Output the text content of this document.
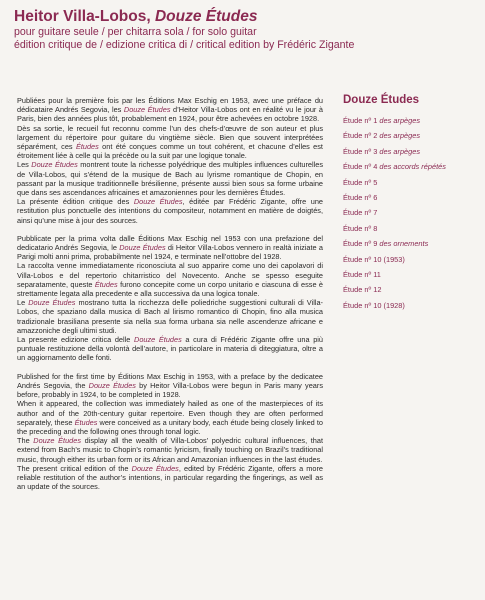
Heitor Villa-Lobos, Douze Études

pour guitare seule / per chitarra sola / for solo guitar

édition critique de / edizione critica di / critical edition by Frédéric Zigante

Publiées pour la première fois par les Éditions Max Eschig en 1953, avec une préface du dédicataire Andrés Segovia, les Douze Études d’Heitor Villa-Lobos ont en réalité vu le jour à Paris, bien des années plus tôt, probablement en 1924, pour être achevées en octobre 1928.

Dès sa sortie, le recueil fut reconnu comme l’un des chefs-d’œuvre de son auteur et plus largement du répertoire pour guitare du vingtième siècle. Bien que souvent interprétées séparément, ces Études ont été conçues comme un tout cohérent, et chacune d’elles est étroitement liée à celle qui la précède ou la suit par une logique tonale.

Les Douze Études montrent toute la richesse polyédrique des multiples influences culturelles de Villa-Lobos, qui s’étend de la musique de Bach au lyrisme romantique de Chopin, en passant par la musique traditionnelle brésilienne, présente aussi bien sous sa forme urbaine que dans ses ascendances africaines et amazoniennes pour les dernières Études.

La présente édition critique des Douze Études, éditée par Frédéric Zigante, offre une restitution plus ponctuelle des intentions du compositeur, notamment en matière de doigtés, ainsi qu’une mise à jour des sources.

Pubblicate per la prima volta dalle Éditions Max Eschig nel 1953 con una prefazione del dedicatario Andrés Segovia, le Douze Études di Heitor Villa-Lobos vennero in realtà iniziate a Parigi molti anni prima, probabilmente nel 1924, e terminate nell’ottobre del 1928.

La raccolta venne immediatamente riconosciuta al suo apparire come uno dei capolavori di Villa-Lobos e del repertorio chitarristico del Novecento. Anche se spesso eseguite separatamente, queste Études furono concepite come un corpo unitario e ciascuna di esse è strettamente legata alla precedente e alla successiva da una logica tonale.

Le Douze Études mostrano tutta la ricchezza delle poliedriche suggestioni culturali di Villa-Lobos, che spaziano dalla musica di Bach al lirismo romantico di Chopin, fino alla musica tradizionale brasiliana presente sia nella sua forma urbana sia nelle ascendenze africane e amazzoniche degli ultimi studi.

La presente edizione critica delle Douze Études a cura di Frédéric Zigante offre una più puntuale restituzione della volontà dell’autore, in particolare in materia di diteggiatura, oltre a un aggiornamento delle fonti.

Published for the first time by Éditions Max Eschig in 1953, with a preface by the dedicatee Andrés Segovia, the Douze Études by Heitor Villa-Lobos were begun in Paris many years before, probably in 1924, to be completed in 1928.

When it appeared, the collection was immediately hailed as one of the masterpieces of its author and of the 20th-century guitar repertoire. Even though they are often performed separately, these Études were conceived as a unitary body, each étude being closely linked to the preceding and the following ones through tonal logic.

The Douze Études display all the wealth of Villa-Lobos’ polyedric cultural influences, that extend from Bach’s music to Chopin’s romantic lyricism, finally touching on Brazil’s traditional music, through either its urban form or its African and Amazonian influences in the last études.

The present critical edition of the Douze Études, edited by Frédéric Zigante, offers a more reliable restitution of the author’s intentions, in particular regarding the fingerings, as well as an update of the sources.

Douze Études
Étude nº 1 des arpèges
Étude nº 2 des arpèges
Étude nº 3 des arpèges
Étude nº 4 des accords répétés
Étude nº 5
Étude nº 6
Étude nº 7
Étude nº 8
Étude nº 9 des ornements
Étude nº 10 (1953)
Étude nº 11
Étude nº 12
Étude nº 10 (1928)
